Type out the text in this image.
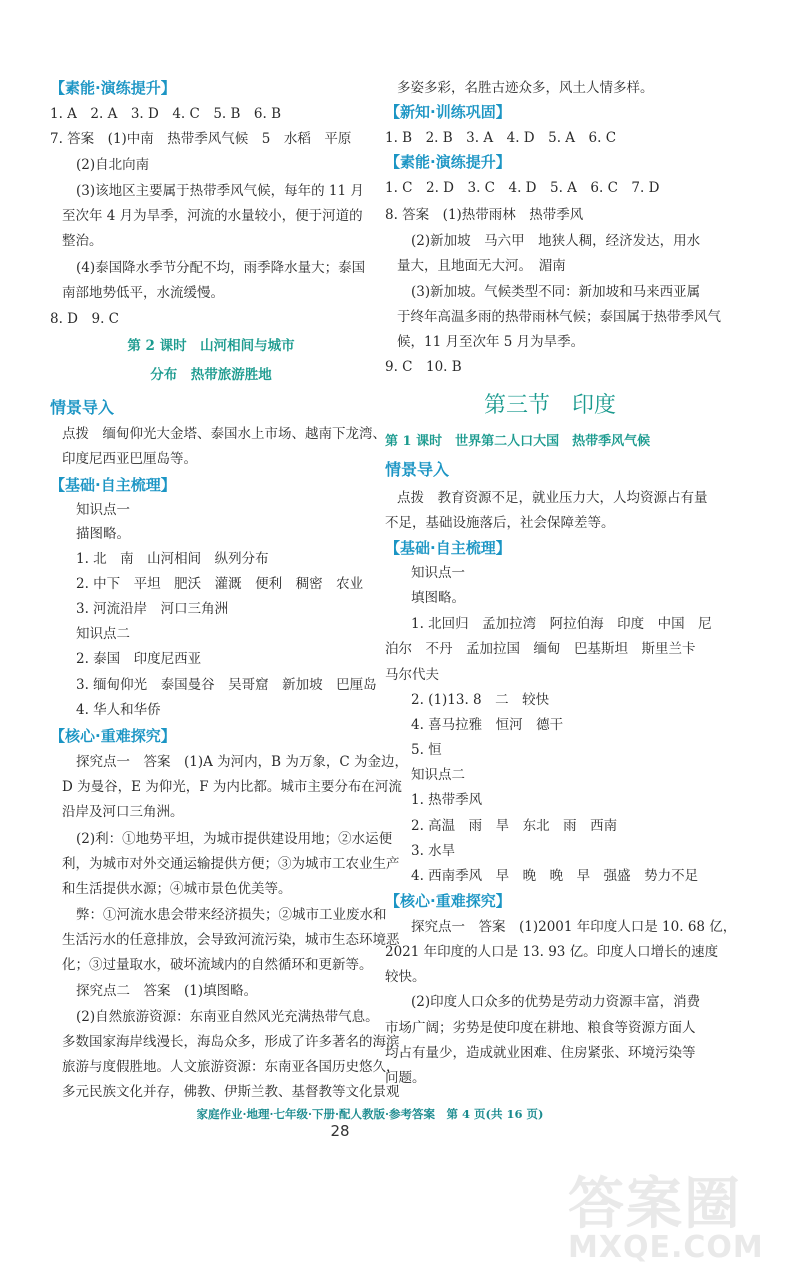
【素能·演练提升】
1. A　2. A　3. D　4. C　5. B　6. B
7. 答案　(1)中南　热带季风气候　5　水稻　平原
(2)自北向南
(3)该地区主要属于热带季风气候，每年的 11 月
至次年 4 月为旱季，河流的水量较小，便于河道的
整治。
(4)泰国降水季节分配不均，雨季降水量大；泰国
南部地势低平，水流缓慢。
8. D　9. C
第 2 课时　山河相间与城市
分布　热带旅游胜地
情景导入
点拨　缅甸仰光大金塔、泰国水上市场、越南下龙湾、
印度尼西亚巴厘岛等。
【基础·自主梳理】
知识点一
描图略。
1. 北　南　山河相间　纵列分布
2. 中下　平坦　肥沃　灌溉　便利　稠密　农业
3. 河流沿岸　河口三角洲
知识点二
2. 泰国　印度尼西亚
3. 缅甸仰光　泰国曼谷　吴哥窟　新加坡　巴厘岛
4. 华人和华侨
【核心·重难探究】
探究点一　答案　(1)A 为河内，B 为万象，C 为金边，
D 为曼谷，E 为仰光，F 为内比都。城市主要分布在河流
沿岸及河口三角洲。
(2)利：①地势平坦，为城市提供建设用地；②水运便
利，为城市对外交通运输提供方便；③为城市工农业生产
和生活提供水源；④城市景色优美等。
弊：①河流水患会带来经济损失；②城市工业废水和
生活污水的任意排放，会导致河流污染，城市生态环境恶
化；③过量取水，破坏流域内的自然循环和更新等。
探究点二　答案　(1)填图略。
(2)自然旅游资源：东南亚自然风光充满热带气息。
多数国家海岸线漫长，海岛众多，形成了许多著名的海滨
旅游与度假胜地。人文旅游资源：东南亚各国历史悠久，
多元民族文化并存，佛教、伊斯兰教、基督教等文化景观
多姿多彩，名胜古迹众多，风土人情多样。
【新知·训练巩固】
1. B　2. B　3. A　4. D　5. A　6. C
【素能·演练提升】
1. C　2. D　3. C　4. D　5. A　6. C　7. D
8. 答案　(1)热带雨林　热带季风
(2)新加坡　马六甲　地狭人稠，经济发达，用水
量大，且地面无大河。　湄南
(3)新加坡。气候类型不同：新加坡和马来西亚属
于终年高温多雨的热带雨林气候；泰国属于热带季风气
候，11 月至次年 5 月为旱季。
9. C　10. B
第三节　印度
第 1 课时　世界第二人口大国　热带季风气候
情景导入
点拨　教育资源不足，就业压力大，人均资源占有量
不足，基础设施落后，社会保障差等。
【基础·自主梳理】
知识点一
填图略。
1. 北回归　孟加拉湾　阿拉伯海　印度　中国　尼
泊尔　不丹　孟加拉国　缅甸　巴基斯坦　斯里兰卡
马尔代夫
2. (1)13. 8　二　较快
4. 喜马拉雅　恒河　德干
5. 恒
知识点二
1. 热带季风
2. 高温　雨　旱　东北　雨　西南
3. 水旱
4. 西南季风　早　晚　晚　早　强盛　势力不足
【核心·重难探究】
探究点一　答案　(1)2001 年印度人口是 10. 68 亿，
2021 年印度的人口是 13. 93 亿。印度人口增长的速度
较快。
(2)印度人口众多的优势是劳动力资源丰富，消费
市场广阔；劣势是使印度在耕地、粮食等资源方面人
均占有量少，造成就业困难、住房紧张、环境污染等
问题。
家庭作业·地理·七年级·下册·配人教版·参考答案　第 4 页(共 16 页)
28
答案圈
MXQE.COM
